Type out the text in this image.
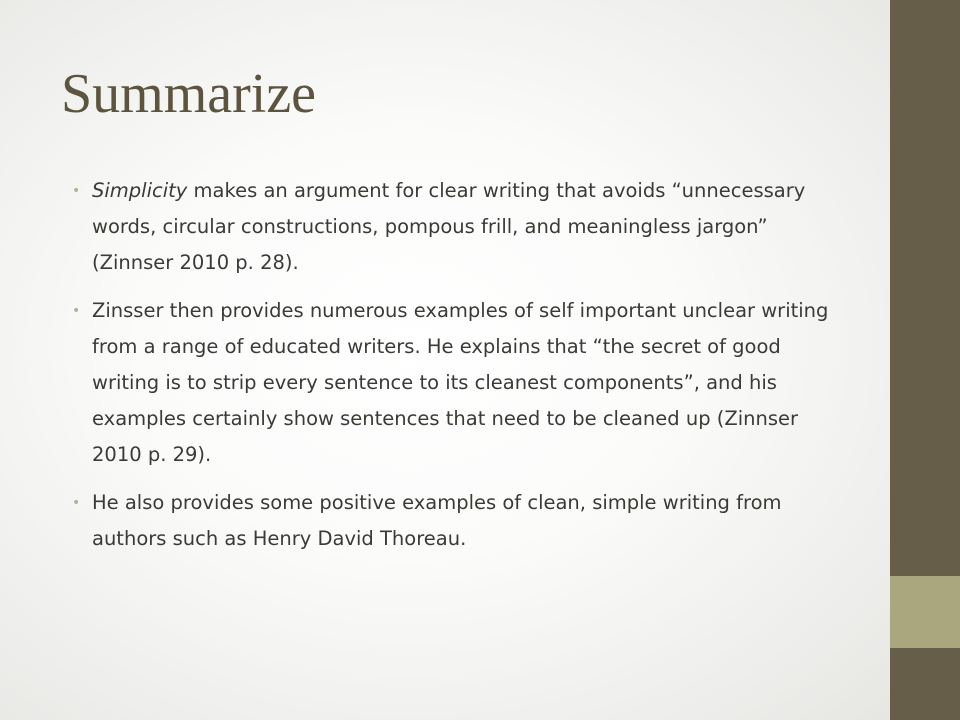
Summarize
• Simplicity makes an argument for clear writing that avoids “unnecessary words, circular constructions, pompous frill, and meaningless jargon” (Zinnser 2010 p. 28).
• Zinsser then provides numerous examples of self important unclear writing from a range of educated writers. He explains that “the secret of good writing is to strip every sentence to its cleanest components”, and his examples certainly show sentences that need to be cleaned up (Zinnser 2010 p. 29).
• He also provides some positive examples of clean, simple writing from authors such as Henry David Thoreau.
